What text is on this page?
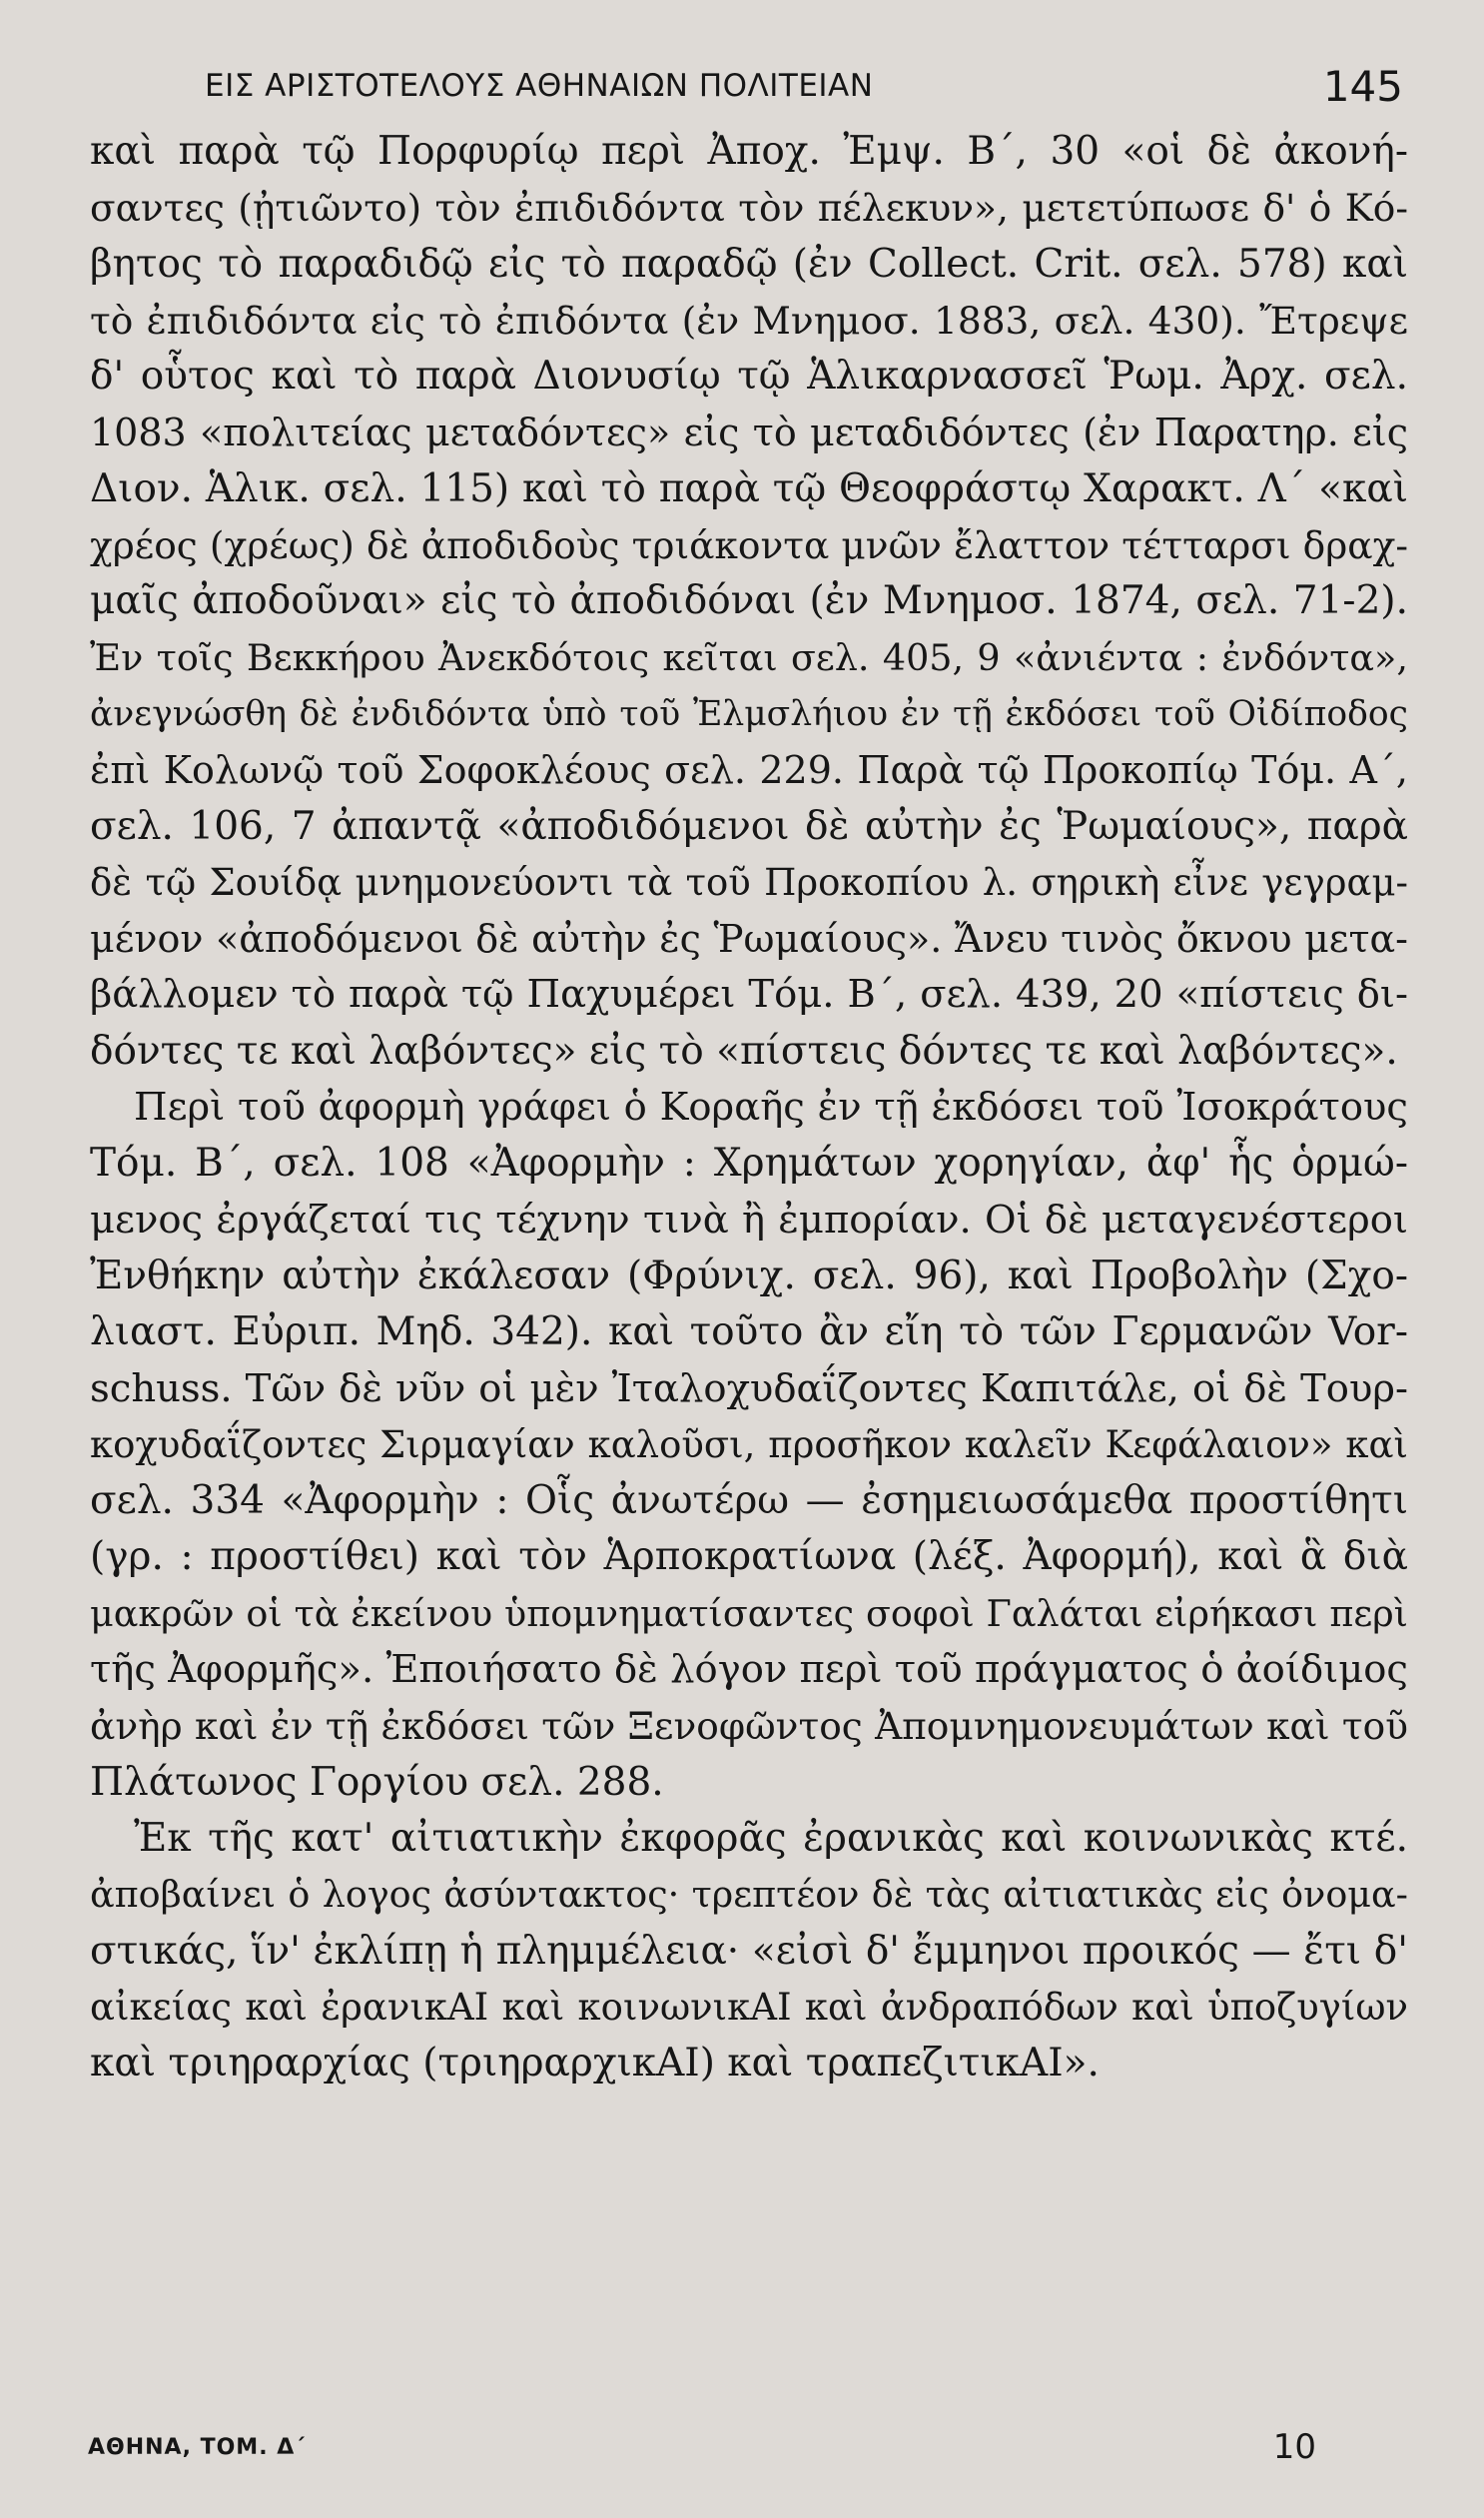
ΕΙΣ ΑΡΙΣΤΟΤΕΛΟΥΣ ΑΘΗΝΑΙΩΝ ΠΟΛΙΤΕΙΑΝ	145
καὶ παρὰ τῷ Πορφυρίῳ περὶ Ἀποχ. Ἐμψ. Β΄, 30 «οἱ δὲ ἀκονή-
σαντες (ᾐτιῶντο) τὸν ἐπιδιδόντα τὸν πέλεκυν», μετετύπωσε δ' ὁ Κό-
βητος τὸ παραδιδῷ εἰς τὸ παραδῷ (ἐν Collect. Crit. σελ. 578) καὶ
τὸ ἐπιδιδόντα εἰς τὸ ἐπιδόντα (ἐν Μνημοσ. 1883, σελ. 430). Ἔτρεψε
δ' οὗτος καὶ τὸ παρὰ Διονυσίῳ τῷ Ἁλικαρνασσεῖ Ῥωμ. Ἀρχ. σελ.
1083 «πολιτείας μεταδόντες» εἰς τὸ μεταδιδόντες (ἐν Παρατηρ. εἰς
Διον. Ἁλικ. σελ. 115) καὶ τὸ παρὰ τῷ Θεοφράστῳ Χαρακτ. Λ΄ «καὶ
χρέος (χρέως) δὲ ἀποδιδοὺς τριάκοντα μνῶν ἔλαττον τέτταρσι δραχ-
μαῖς ἀποδοῦναι» εἰς τὸ ἀποδιδόναι (ἐν Μνημοσ. 1874, σελ. 71-2).
Ἐν τοῖς Βεκκήρου Ἀνεκδότοις κεῖται σελ. 405, 9 «ἀνιέντα : ἐνδόντα»,
ἀνεγνώσθη δὲ ἐνδιδόντα ὑπὸ τοῦ Ἐλμσλήιου ἐν τῇ ἐκδόσει τοῦ Οἰδίποδος
ἐπὶ Κολωνῷ τοῦ Σοφοκλέους σελ. 229. Παρὰ τῷ Προκοπίῳ Τόμ. Α΄,
σελ. 106, 7 ἀπαντᾷ «ἀποδιδόμενοι δὲ αὐτὴν ἐς Ῥωμαίους», παρὰ
δὲ τῷ Σουίδᾳ μνημονεύοντι τὰ τοῦ Προκοπίου λ. σηρικὴ εἶνε γεγραμ-
μένον «ἀποδόμενοι δὲ αὐτὴν ἐς Ῥωμαίους». Ἄνευ τινὸς ὄκνου μετα-
βάλλομεν τὸ παρὰ τῷ Παχυμέρει Τόμ. Β΄, σελ. 439, 20 «πίστεις δι-
δόντες τε καὶ λαβόντες» εἰς τὸ «πίστεις δόντες τε καὶ λαβόντες».
Περὶ τοῦ ἀφορμὴ γράφει ὁ Κοραῆς ἐν τῇ ἐκδόσει τοῦ Ἰσοκράτους
Τόμ. Β΄, σελ. 108 «Ἀφορμὴν : Χρημάτων χορηγίαν, ἀφ' ἧς ὁρμώ-
μενος ἐργάζεταί τις τέχνην τινὰ ἢ ἐμπορίαν. Οἱ δὲ μεταγενέστεροι
Ἐνθήκην αὐτὴν ἐκάλεσαν (Φρύνιχ. σελ. 96), καὶ Προβολὴν (Σχο-
λιαστ. Εὐριπ. Μηδ. 342). καὶ τοῦτο ἂν εἴη τὸ τῶν Γερμανῶν Vor-
schuss. Τῶν δὲ νῦν οἱ μὲν Ἰταλοχυδαΐζοντες Καπιτάλε, οἱ δὲ Τουρ-
κοχυδαΐζοντες Σιρμαγίαν καλοῦσι, προσῆκον καλεῖν Κεφάλαιον» καὶ
σελ. 334 «Ἀφορμὴν : Οἷς ἀνωτέρω — ἐσημειωσάμεθα προστίθητι
(γρ. : προστίθει) καὶ τὸν Ἁρποκρατίωνα (λέξ. Ἀφορμή), καὶ ἃ διὰ
μακρῶν οἱ τὰ ἐκείνου ὑπομνηματίσαντες σοφοὶ Γαλάται εἰρήκασι περὶ
τῆς Ἀφορμῆς». Ἐποιήσατο δὲ λόγον περὶ τοῦ πράγματος ὁ ἀοίδιμος
ἀνὴρ καὶ ἐν τῇ ἐκδόσει τῶν Ξενοφῶντος Ἀπομνημονευμάτων καὶ τοῦ
Πλάτωνος Γοργίου σελ. 288.
Ἐκ τῆς κατ' αἰτιατικὴν ἐκφορᾶς ἐρανικὰς καὶ κοινωνικὰς κτέ.
ἀποβαίνει ὁ λογος ἀσύντακτος· τρεπτέον δὲ τὰς αἰτιατικὰς εἰς ὀνομα-
στικάς, ἵν' ἐκλίπῃ ἡ πλημμέλεια· «εἰσὶ δ' ἔμμηνοι προικός — ἔτι δ'
αἰκείας καὶ ἐρανικΑΙ καὶ κοινωνικΑΙ καὶ ἀνδραπόδων καὶ ὑποζυγίων
καὶ τριηραρχίας (τριηραρχικΑΙ) καὶ τραπεζιτικΑΙ».
ΑΘΗΝΑ, ΤΟΜ. Δ΄	10
